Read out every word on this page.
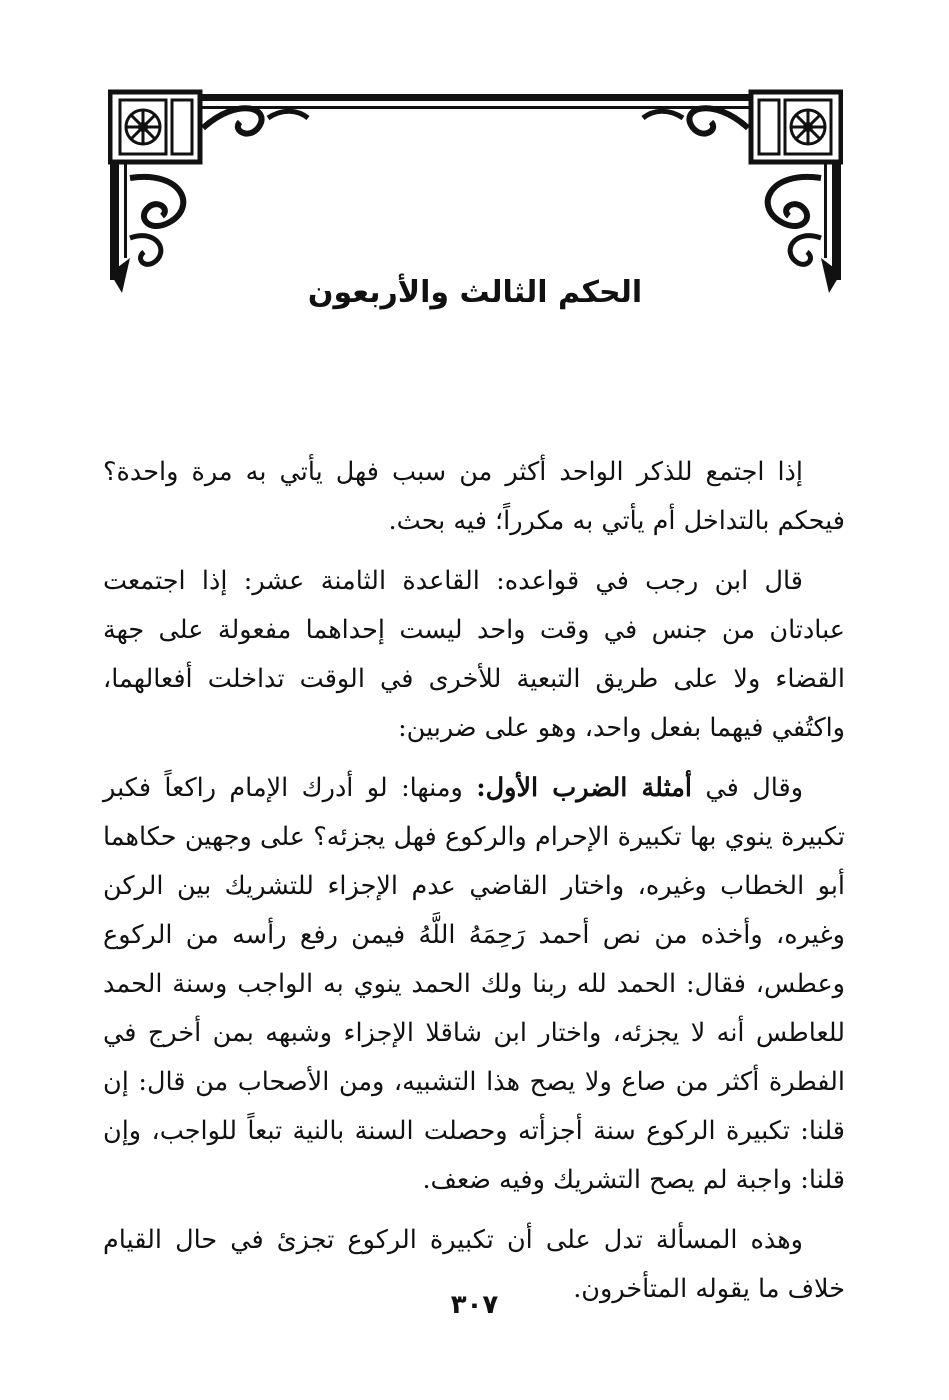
الحكم الثالث والأربعون

إذا اجتمع للذكر الواحد أكثر من سبب فهل يأتي به مرة واحدة؟ فيحكم بالتداخل أم يأتي به مكرراً؛ فيه بحث.

قال ابن رجب في قواعده: القاعدة الثامنة عشر: إذا اجتمعت عبادتان من جنس في وقت واحد ليست إحداهما مفعولة على جهة القضاء ولا على طريق التبعية للأخرى في الوقت تداخلت أفعالهما، واكتُفي فيهما بفعل واحد، وهو على ضربين:

وقال في أمثلة الضرب الأول: ومنها: لو أدرك الإمام راكعاً فكبر تكبيرة ينوي بها تكبيرة الإحرام والركوع فهل يجزئه؟ على وجهين حكاهما أبو الخطاب وغيره، واختار القاضي عدم الإجزاء للتشريك بين الركن وغيره، وأخذه من نص أحمد رَحِمَهُ اللَّهُ فيمن رفع رأسه من الركوع وعطس، فقال: الحمد لله ربنا ولك الحمد ينوي به الواجب وسنة الحمد للعاطس أنه لا يجزئه، واختار ابن شاقلا الإجزاء وشبهه بمن أخرج في الفطرة أكثر من صاع ولا يصح هذا التشبيه، ومن الأصحاب من قال: إن قلنا: تكبيرة الركوع سنة أجزأته وحصلت السنة بالنية تبعاً للواجب، وإن قلنا: واجبة لم يصح التشريك وفيه ضعف.

وهذه المسألة تدل على أن تكبيرة الركوع تجزئ في حال القيام خلاف ما يقوله المتأخرون.

٣٠٧
